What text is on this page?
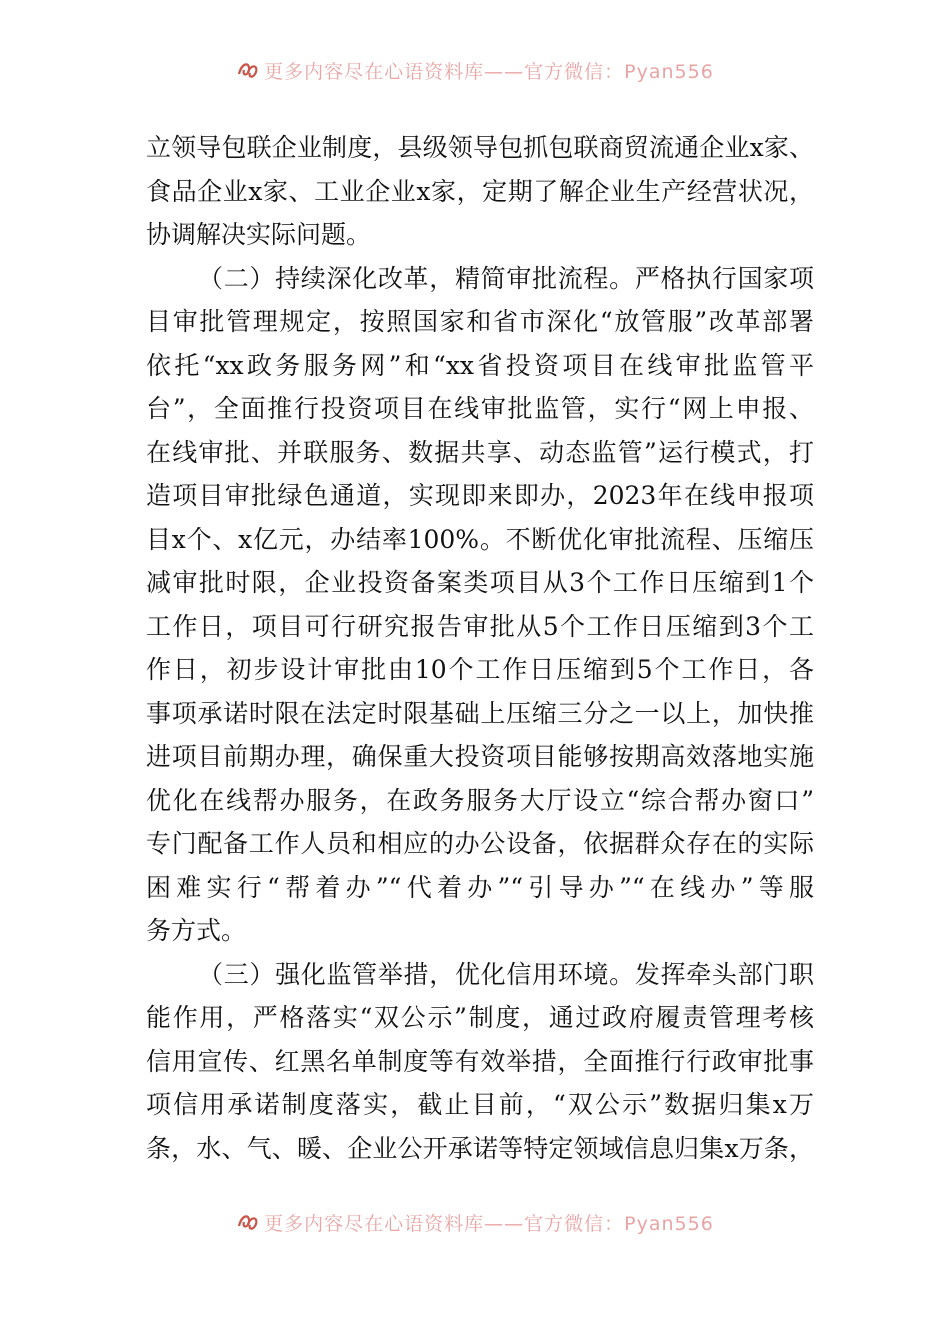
更多内容尽在心语资料库——官方微信：Pyan556
立领导包联企业制度，县级领导包抓包联商贸流通企业x家、
食品企业x家、工业企业x家，定期了解企业生产经营状况，
协调解决实际问题。
（二）持续深化改革，精简审批流程。严格执行国家项
目审批管理规定，按照国家和省市深化“放管服”改革部署
依托“xx政务服务网”和“xx省投资项目在线审批监管平
台”，全面推行投资项目在线审批监管，实行“网上申报、
在线审批、并联服务、数据共享、动态监管”运行模式，打
造项目审批绿色通道，实现即来即办，2023年在线申报项
目x个、x亿元，办结率100%。不断优化审批流程、压缩压
减审批时限，企业投资备案类项目从3个工作日压缩到1个
工作日，项目可行研究报告审批从5个工作日压缩到3个工
作日，初步设计审批由10个工作日压缩到5个工作日，各
事项承诺时限在法定时限基础上压缩三分之一以上，加快推
进项目前期办理，确保重大投资项目能够按期高效落地实施
优化在线帮办服务，在政务服务大厅设立“综合帮办窗口”
专门配备工作人员和相应的办公设备，依据群众存在的实际
困难实行“帮着办”“代着办”“引导办”“在线办”等服
务方式。
（三）强化监管举措，优化信用环境。发挥牵头部门职
能作用，严格落实“双公示”制度，通过政府履责管理考核
信用宣传、红黑名单制度等有效举措，全面推行行政审批事
项信用承诺制度落实，截止目前，“双公示”数据归集x万
条，水、气、暖、企业公开承诺等特定领域信息归集x万条，
更多内容尽在心语资料库——官方微信：Pyan556
